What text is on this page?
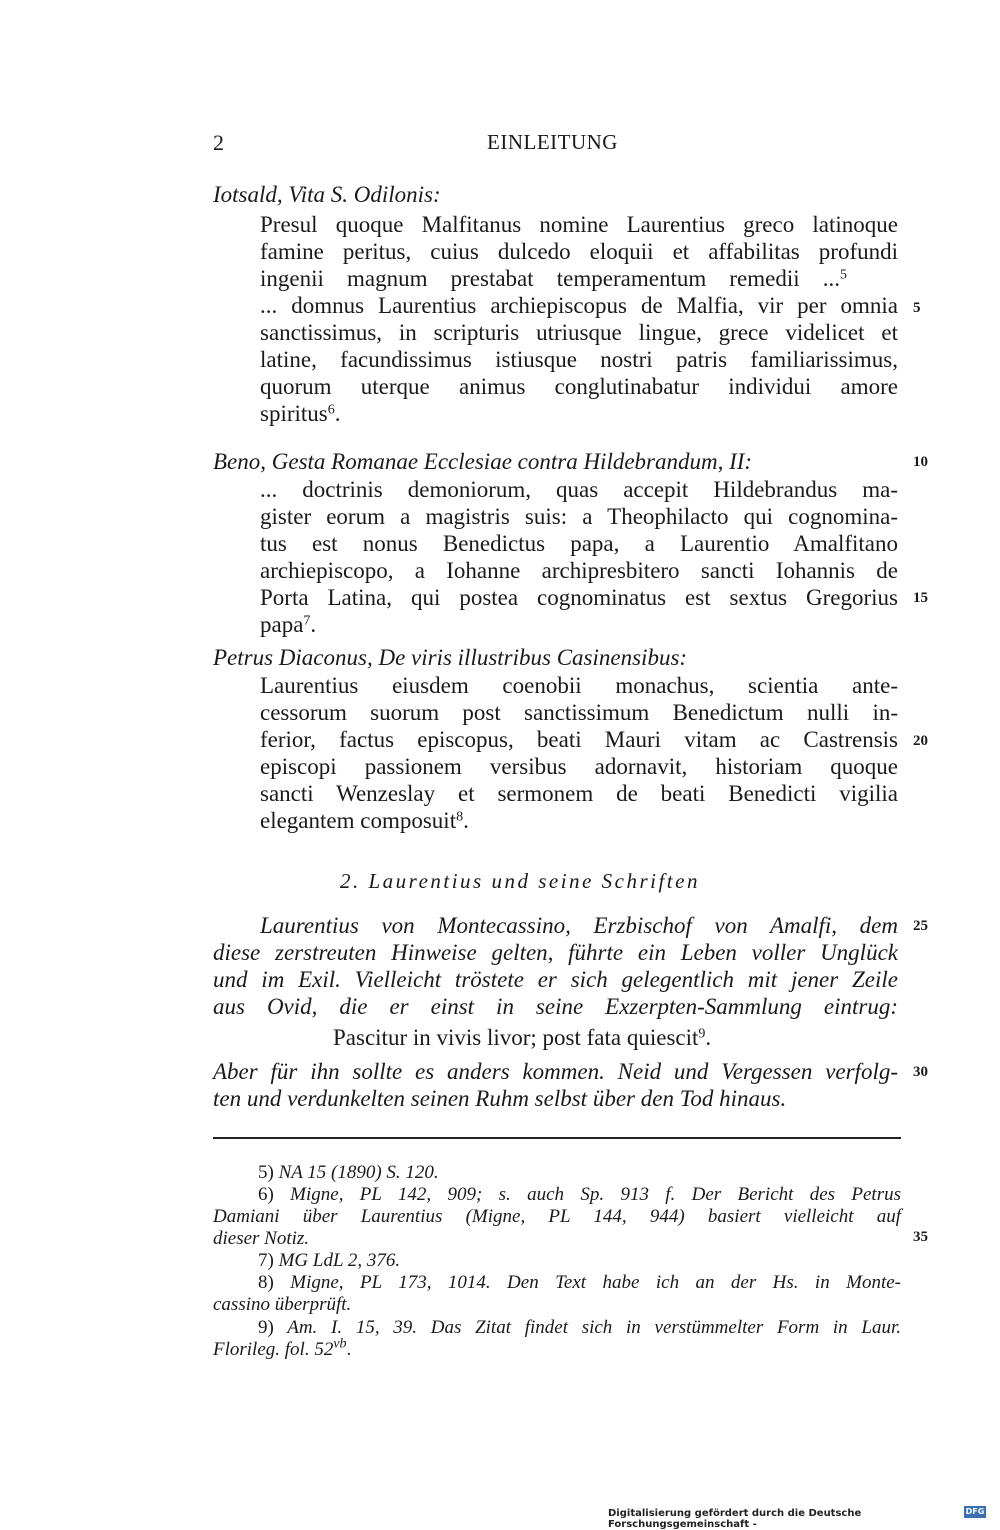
2	EINLEITUNG
Iotsald, Vita S. Odilonis:
Presul quoque Malfitanus nomine Laurentius greco latinoque
famine peritus, cuius dulcedo eloquii et affabilitas profundi
ingenii magnum prestabat temperamentum remedii ...$^5$
... domnus Laurentius archiepiscopus de Malfia, vir per omnia
sanctissimus, in scripturis utriusque lingue, grece videlicet et
latine, facundissimus istiusque nostri patris familiarissimus,
quorum uterque animus conglutinabatur individui amore
spiritus$^6$.
Beno, Gesta Romanae Ecclesiae contra Hildebrandum, II:
... doctrinis demoniorum, quas accepit Hildebrandus ma-
gister eorum a magistris suis: a Theophilacto qui cognomina-
tus est nonus Benedictus papa, a Laurentio Amalfitano
archiepiscopo, a Iohanne archipresbitero sancti Iohannis de
Porta Latina, qui postea cognominatus est sextus Gregorius
papa$^7$.
Petrus Diaconus, De viris illustribus Casinensibus:
Laurentius eiusdem coenobii monachus, scientia ante-
cessorum suorum post sanctissimum Benedictum nulli in-
ferior, factus episcopus, beati Mauri vitam ac Castrensis
episcopi passionem versibus adornavit, historiam quoque
sancti Wenzeslay et sermonem de beati Benedicti vigilia
elegantem composuit$^8$.
2. Laurentius und seine Schriften
Laurentius von Montecassino, Erzbischof von Amalfi, dem
diese zerstreuten Hinweise gelten, führte ein Leben voller Unglück
und im Exil. Vielleicht tröstete er sich gelegentlich mit jener Zeile
aus Ovid, die er einst in seine Exzerpten-Sammlung eintrug:
Pascitur in vivis livor; post fata quiescit$^9$.
Aber für ihn sollte es anders kommen. Neid und Vergessen verfolg-
ten und verdunkelten seinen Ruhm selbst über den Tod hinaus.
5
10
15
20
25
30
35
5) NA 15 (1890) S. 120.
6) Migne, PL 142, 909; s. auch Sp. 913 f. Der Bericht des Petrus
Damiani über Laurentius (Migne, PL 144, 944) basiert vielleicht auf
dieser Notiz.
7) MG LdL 2, 376.
8) Migne, PL 173, 1014. Den Text habe ich an der Hs. in Monte-
cassino überprüft.
9) Am. I. 15, 39. Das Zitat findet sich in verstümmelter Form in Laur.
Florileg. fol. $52^{vb}$.
Digitalisierung gefördert durch die Deutsche Forschungsgemeinschaft -
DFG
